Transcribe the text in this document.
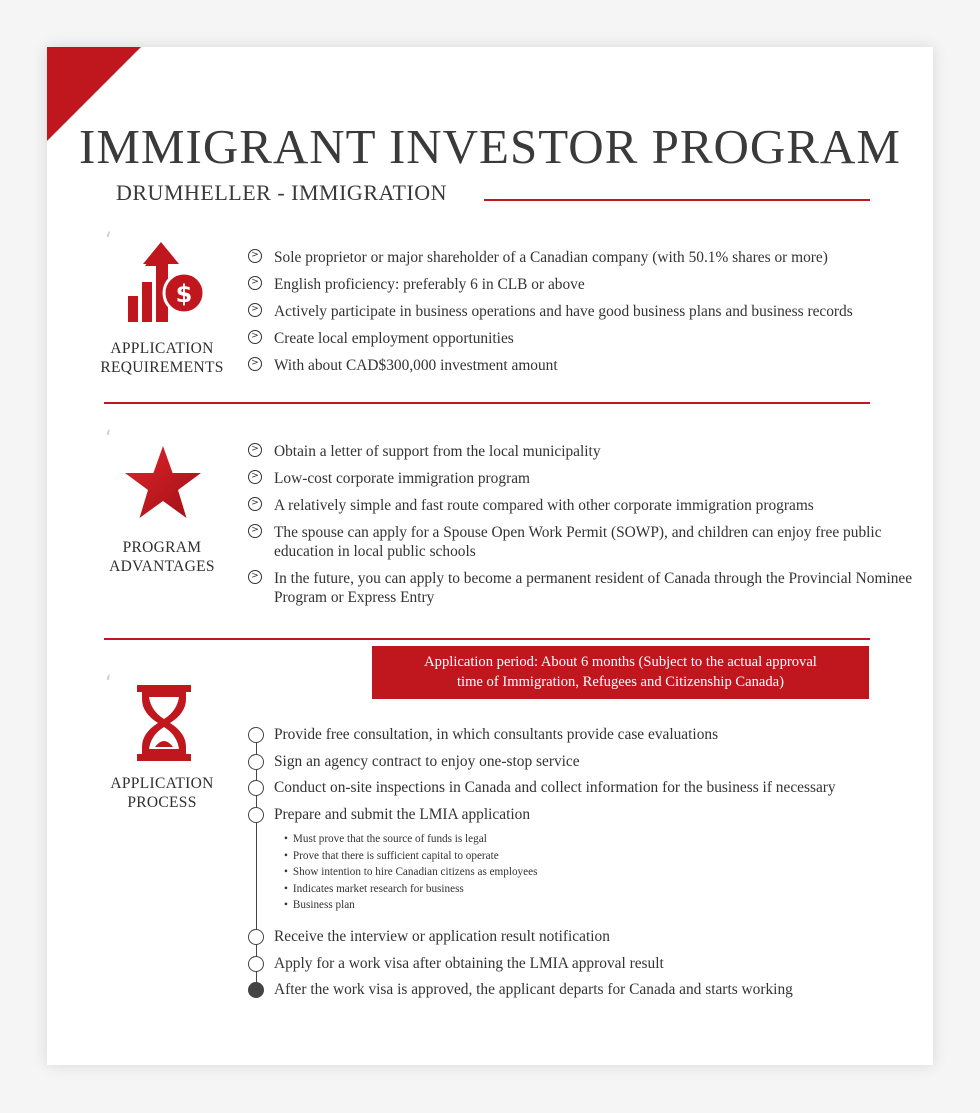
IMMIGRANT INVESTOR PROGRAM
DRUMHELLER - IMMIGRATION
‘
$
APPLICATION
REQUIREMENTS
> Sole proprietor or major shareholder of a Canadian company (with 50.1% shares or more)
> English proficiency: preferably 6 in CLB or above
> Actively participate in business operations and have good business plans and business records
> Create local employment opportunities
> With about CAD$300,000 investment amount
‘
PROGRAM
ADVANTAGES
> Obtain a letter of support from the local municipality
> Low-cost corporate immigration program
> A relatively simple and fast route compared with other corporate immigration programs
> The spouse can apply for a Spouse Open Work Permit (SOWP), and children can enjoy free public education in local public schools
> In the future, you can apply to become a permanent resident of Canada through the Provincial Nominee Program or Express Entry
Application period: About 6 months (Subject to the actual approval
time of Immigration, Refugees and Citizenship Canada)
‘
APPLICATION
PROCESS
Provide free consultation, in which consultants provide case evaluations
Sign an agency contract to enjoy one-stop service
Conduct on-site inspections in Canada and collect information for the business if necessary
Prepare and submit the LMIA application
• Must prove that the source of funds is legal
• Prove that there is sufficient capital to operate
• Show intention to hire Canadian citizens as employees
• Indicates market research for business
• Business plan
Receive the interview or application result notification
Apply for a work visa after obtaining the LMIA approval result
After the work visa is approved, the applicant departs for Canada and starts working
